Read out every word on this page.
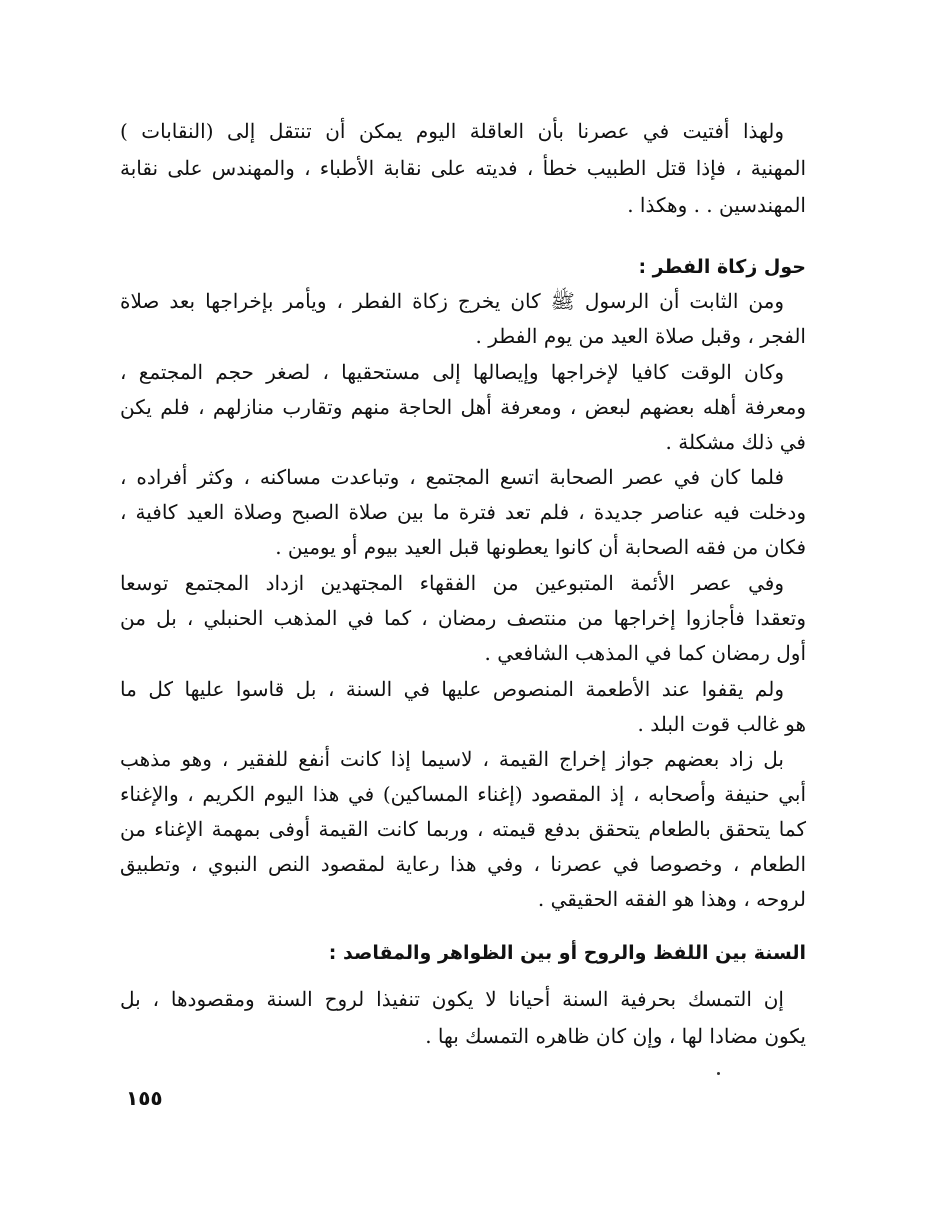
ولهذا أفتيت في عصرنا بأن العاقلة اليوم يمكن أن تنتقل إلى (النقابات )
المهنية ، فإذا قتل الطبيب خطأ ، فديته على نقابة الأطباء ، والمهندس على نقابة
المهندسين . . وهكذا .
حول زكاة الفطر :
ومن الثابت أن الرسول ﷺ كان يخرج زكاة الفطر ، ويأمر بإخراجها بعد صلاة
الفجر ، وقبل صلاة العيد من يوم الفطر .
وكان الوقت كافيا لإخراجها وإيصالها إلى مستحقيها ، لصغر حجم المجتمع ،
ومعرفة أهله بعضهم لبعض ، ومعرفة أهل الحاجة منهم وتقارب منازلهم ، فلم يكن
في ذلك مشكلة .
فلما كان في عصر الصحابة اتسع المجتمع ، وتباعدت مساكنه ، وكثر أفراده ،
ودخلت فيه عناصر جديدة ، فلم تعد فترة ما بين صلاة الصبح وصلاة العيد كافية ،
فكان من فقه الصحابة أن كانوا يعطونها قبل العيد بيوم أو يومين .
وفي عصر الأئمة المتبوعين من الفقهاء المجتهدين ازداد المجتمع توسعا
وتعقدا فأجازوا إخراجها من منتصف رمضان ، كما في المذهب الحنبلي ، بل من
أول رمضان كما في المذهب الشافعي .
ولم يقفوا عند الأطعمة المنصوص عليها في السنة ، بل قاسوا عليها كل ما
هو غالب قوت البلد .
بل زاد بعضهم جواز إخراج القيمة ، لاسيما إذا كانت أنفع للفقير ، وهو مذهب
أبي حنيفة وأصحابه ، إذ المقصود (إغناء المساكين) في هذا اليوم الكريم ، والإغناء
كما يتحقق بالطعام يتحقق بدفع قيمته ، وربما كانت القيمة أوفى بمهمة الإغناء من
الطعام ، وخصوصا في عصرنا ، وفي هذا رعاية لمقصود النص النبوي ، وتطبيق
لروحه ، وهذا هو الفقه الحقيقي .
السنة بين اللفظ والروح أو بين الظواهر والمقاصد :
إن التمسك بحرفية السنة أحيانا لا يكون تنفيذا لروح السنة ومقصودها ، بل
يكون مضادا لها ، وإن كان ظاهره التمسك بها .
١٥٥
